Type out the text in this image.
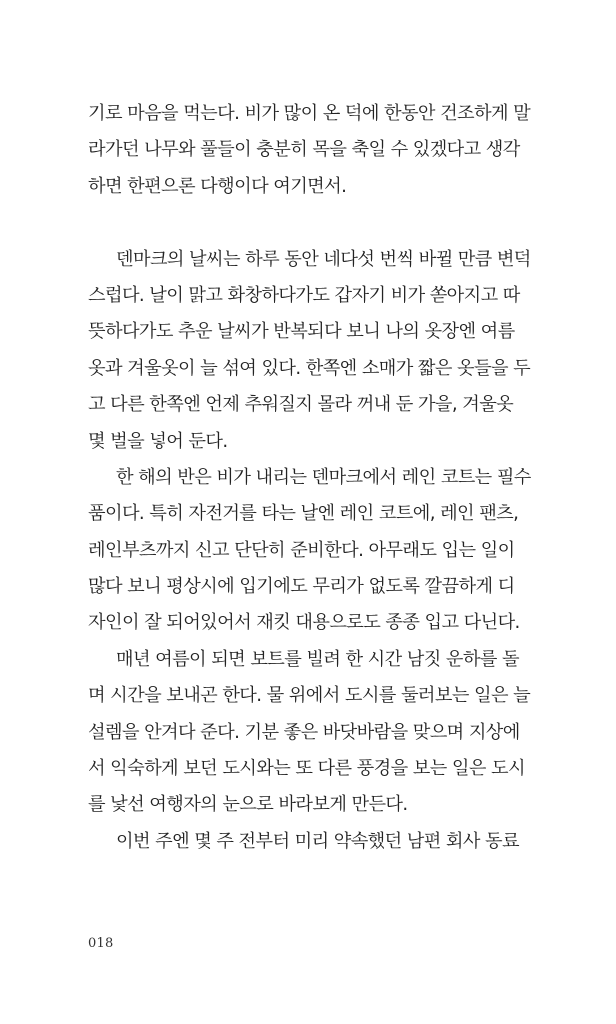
기로 마음을 먹는다. 비가 많이 온 덕에 한동안 건조하게 말
라가던 나무와 풀들이 충분히 목을 축일 수 있겠다고 생각
하면 한편으론 다행이다 여기면서.
덴마크의 날씨는 하루 동안 네다섯 번씩 바뀔 만큼 변덕
스럽다. 날이 맑고 화창하다가도 갑자기 비가 쏟아지고 따
뜻하다가도 추운 날씨가 반복되다 보니 나의 옷장엔 여름
옷과 겨울옷이 늘 섞여 있다. 한쪽엔 소매가 짧은 옷들을 두
고 다른 한쪽엔 언제 추워질지 몰라 꺼내 둔 가을, 겨울옷
몇 벌을 넣어 둔다.
한 해의 반은 비가 내리는 덴마크에서 레인 코트는 필수
품이다. 특히 자전거를 타는 날엔 레인 코트에, 레인 팬츠,
레인부츠까지 신고 단단히 준비한다. 아무래도 입는 일이
많다 보니 평상시에 입기에도 무리가 없도록 깔끔하게 디
자인이 잘 되어있어서 재킷 대용으로도 종종 입고 다닌다.
매년 여름이 되면 보트를 빌려 한 시간 남짓 운하를 돌
며 시간을 보내곤 한다. 물 위에서 도시를 둘러보는 일은 늘
설렘을 안겨다 준다. 기분 좋은 바닷바람을 맞으며 지상에
서 익숙하게 보던 도시와는 또 다른 풍경을 보는 일은 도시
를 낯선 여행자의 눈으로 바라보게 만든다.
이번 주엔 몇 주 전부터 미리 약속했던 남편 회사 동료
018
